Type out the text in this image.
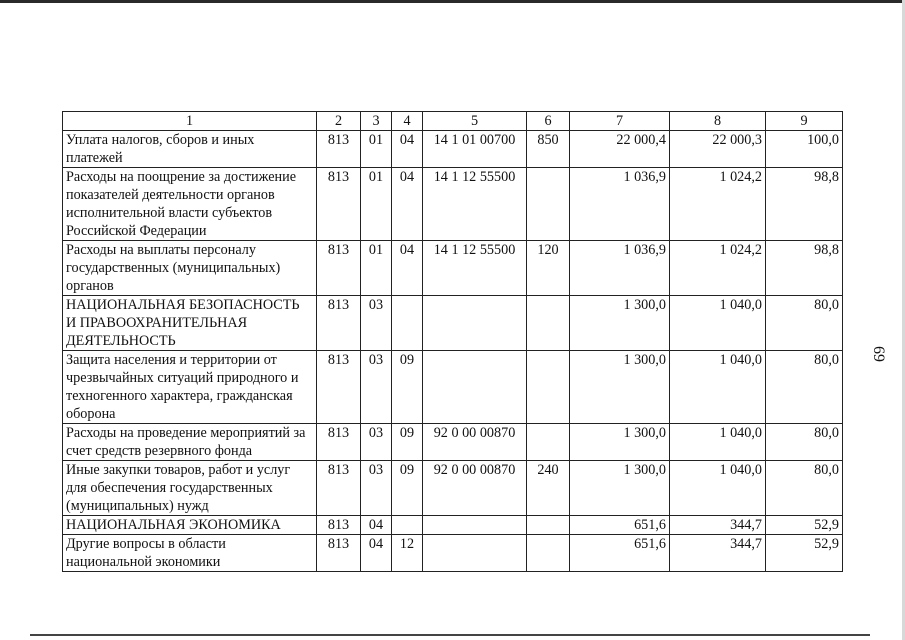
1	2	3	4	5	6	7	8	9
Уплата налогов, сборов и иных платежей	813	01	04	14 1 01 00700	850	22 000,4	22 000,3	100,0
Расходы на поощрение за достижение показателей деятельности органов исполнительной власти субъектов Российской Федерации	813	01	04	14 1 12 55500		1 036,9	1 024,2	98,8
Расходы на выплаты персоналу государственных (муниципальных) органов	813	01	04	14 1 12 55500	120	1 036,9	1 024,2	98,8
НАЦИОНАЛЬНАЯ БЕЗОПАСНОСТЬ И ПРАВООХРАНИТЕЛЬНАЯ ДЕЯТЕЛЬНОСТЬ	813	03				1 300,0	1 040,0	80,0
Защита населения и территории от чрезвычайных ситуаций природного и техногенного характера, гражданская оборона	813	03	09			1 300,0	1 040,0	80,0
Расходы на проведение мероприятий за счет средств резервного фонда	813	03	09	92 0 00 00870		1 300,0	1 040,0	80,0
Иные закупки товаров, работ и услуг для обеспечения государственных (муниципальных) нужд	813	03	09	92 0 00 00870	240	1 300,0	1 040,0	80,0
НАЦИОНАЛЬНАЯ ЭКОНОМИКА	813	04				651,6	344,7	52,9
Другие вопросы в области национальной экономики	813	04	12			651,6	344,7	52,9
69
